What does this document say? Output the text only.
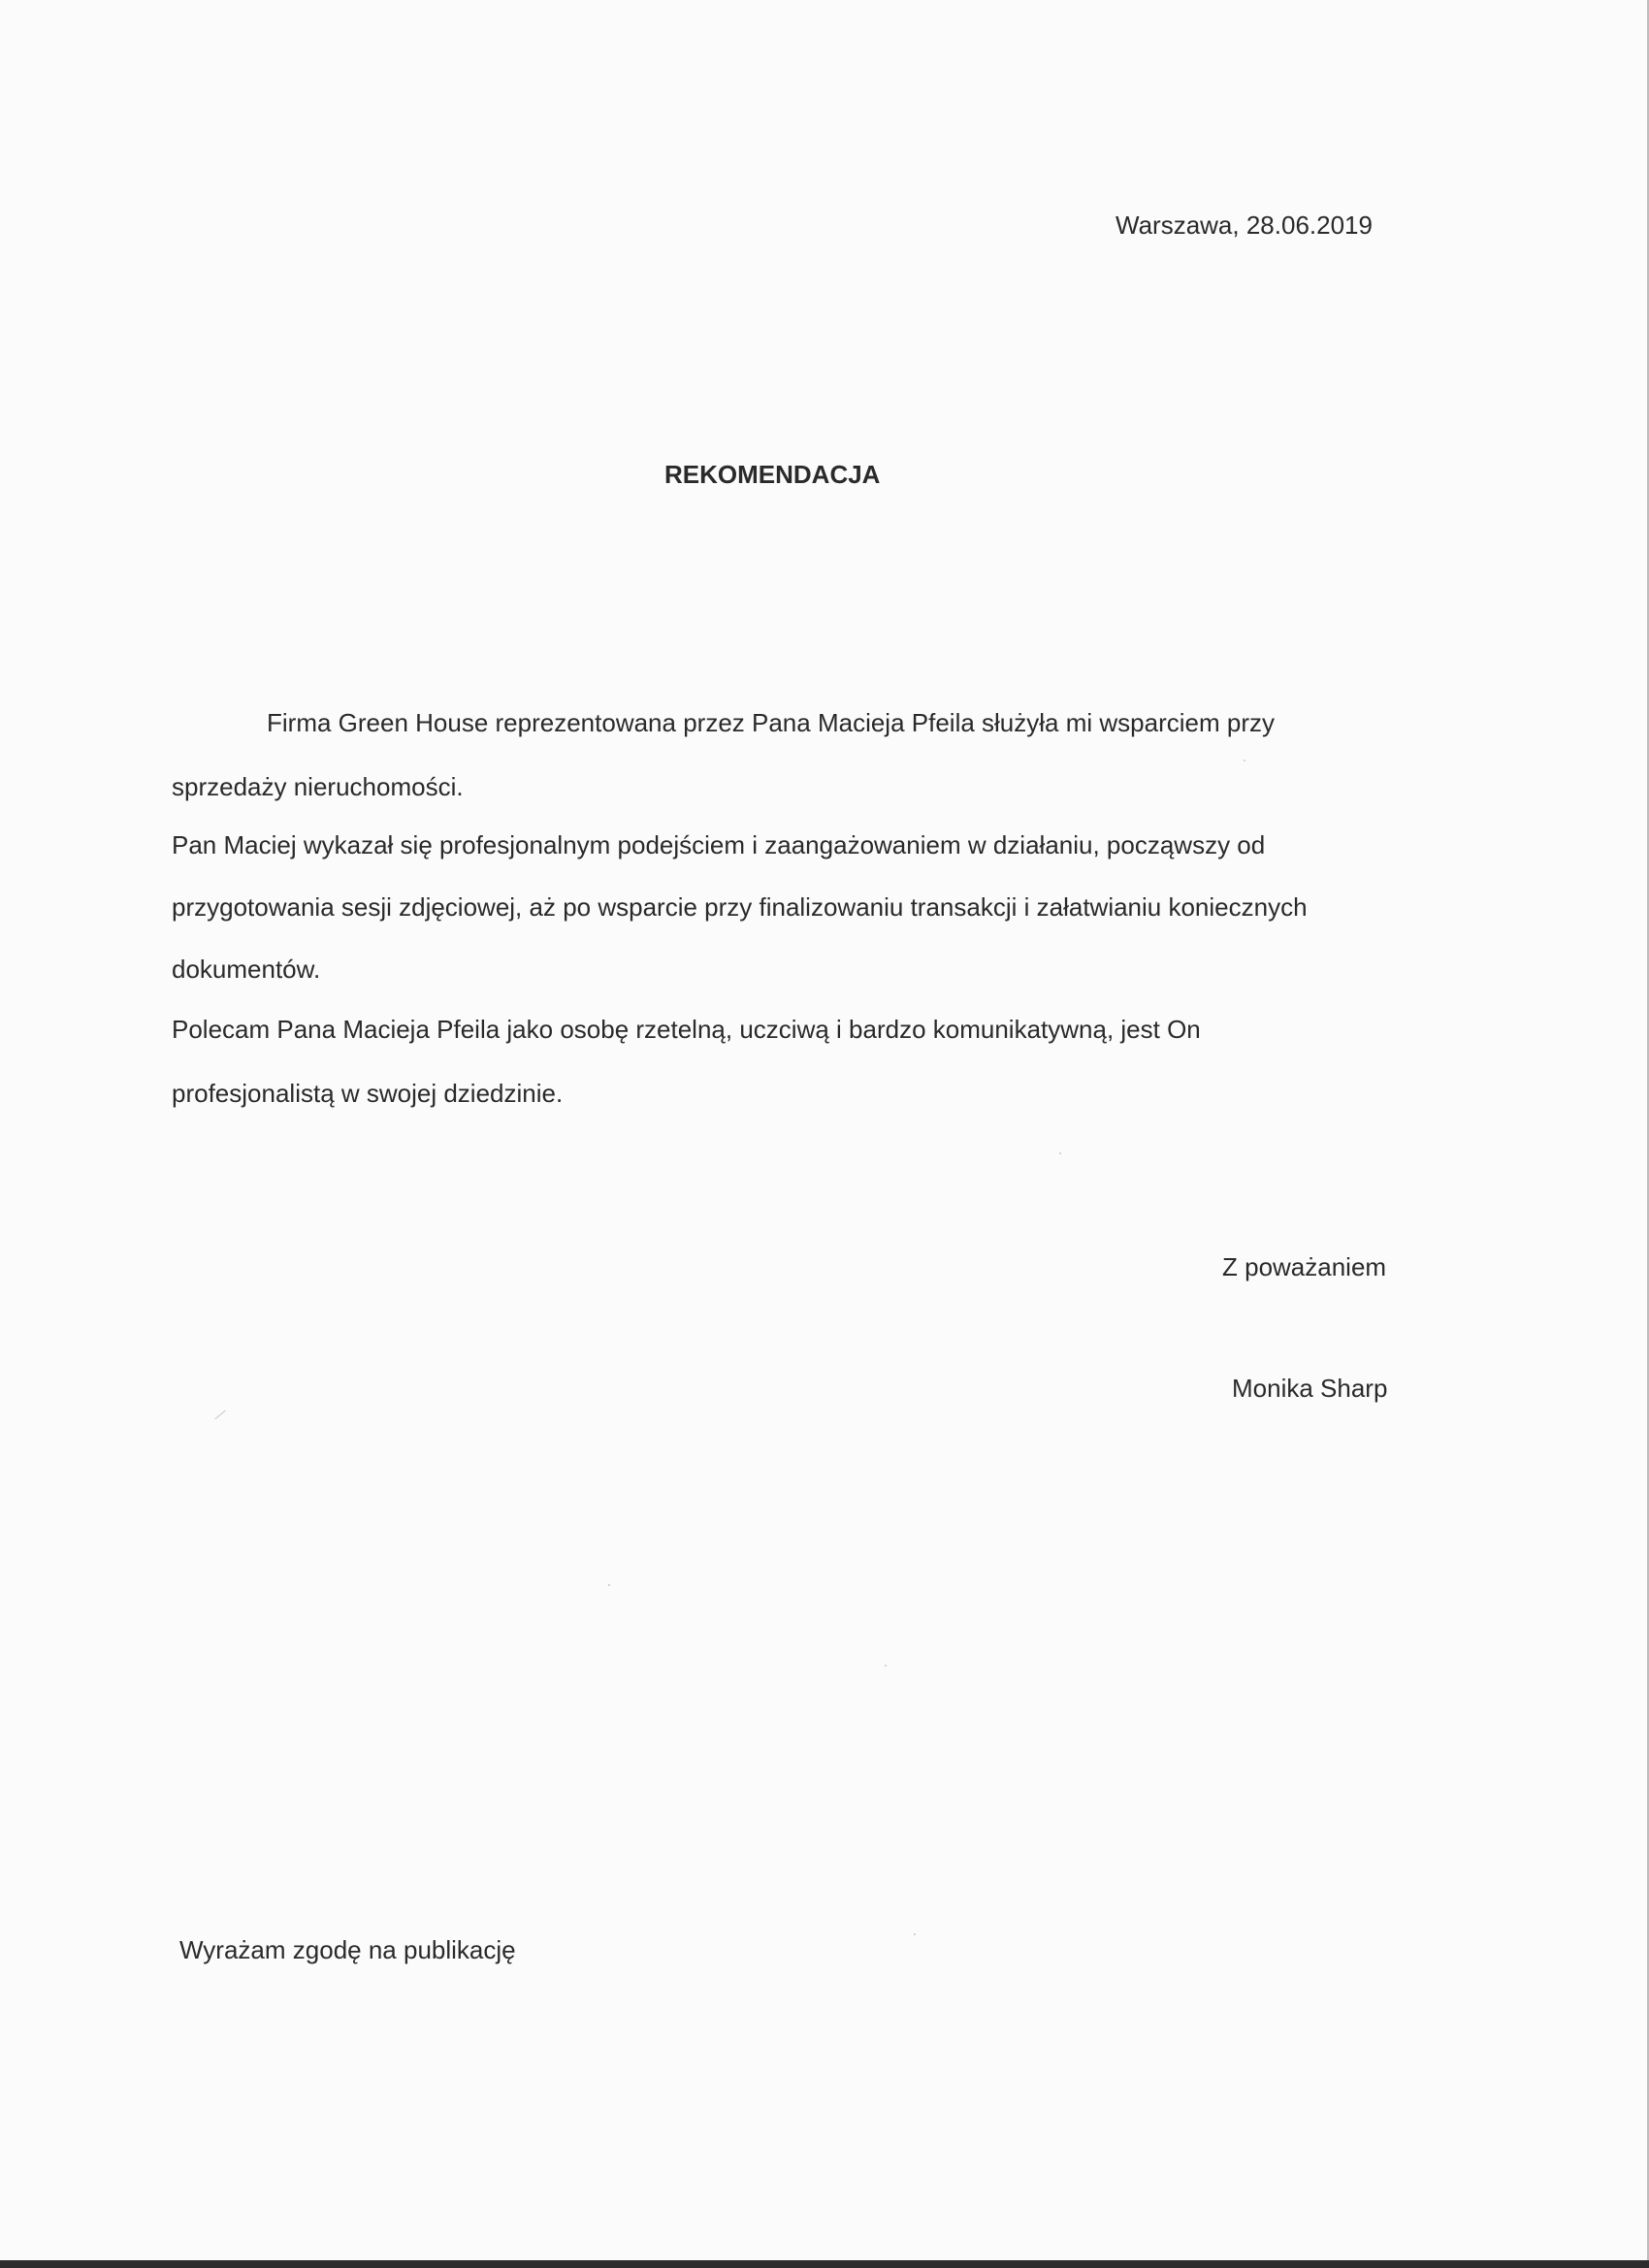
Warszawa, 28.06.2019
REKOMENDACJA
Firma Green House reprezentowana przez Pana Macieja Pfeila służyła mi wsparciem przy
sprzedaży nieruchomości.
Pan Maciej wykazał się profesjonalnym podejściem i zaangażowaniem w działaniu, począwszy od
przygotowania sesji zdjęciowej, aż po wsparcie przy finalizowaniu transakcji i załatwianiu koniecznych
dokumentów.
Polecam Pana Macieja Pfeila jako osobę rzetelną, uczciwą i bardzo komunikatywną, jest On
profesjonalistą w swojej dziedzinie.
Z poważaniem
Monika Sharp
Wyrażam zgodę na publikację
